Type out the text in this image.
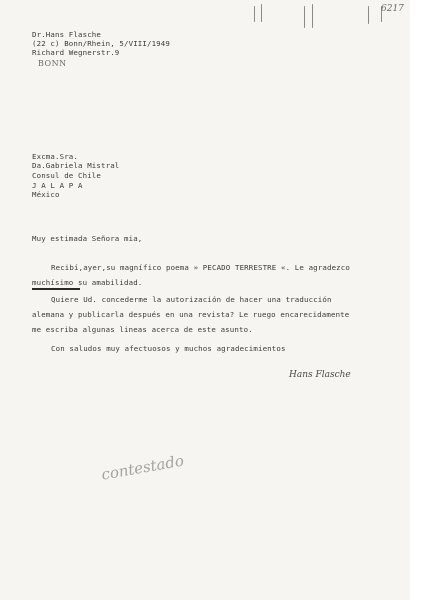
6217
Dr.Hans Flasche
(22 c) Bonn/Rhein, 5/VIII/1949
Richard Wegnerstr.9
BONN
Excma.Sra.
Da.Gabriela Mistral
Consul de Chile
J A L A P A
México
Muy estimada Señora mia,
Recibí,ayer,su magnífico poema » PECADO TERRESTRE «. Le agradezco
muchísimo su amabilidad.
Quiere Ud. concederme la autorización de hacer una traducción
alemana y publicarla después en una revista? Le ruego encarecidamente
me escriba algunas lineas acerca de este asunto.
Con saludos muy afectuosos y muchos agradecimientos
Hans Flasche
contestado
